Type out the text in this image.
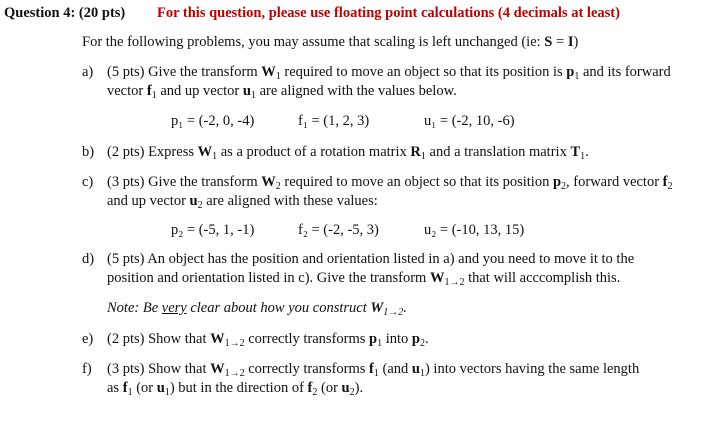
Question 4: (20 pts) For this question, please use floating point calculations (4 decimals at least)
For the following problems, you may assume that scaling is left unchanged (ie: S = I)
a) (5 pts) Give the transform $W_1$ required to move an object so that its position is $p_1$ and its forward
vector $f_1$ and up vector $u_1$ are aligned with the values below.
p₁ = (-2, 0, -4)	f₁ = (1, 2, 3)	u₁ = (-2, 10, -6)
b) (2 pts) Express $W_1$ as a product of a rotation matrix $R_1$ and a translation matrix $T_1$.
c) (3 pts) Give the transform $W_2$ required to move an object so that its position $p_2$, forward vector $f_2$
and up vector $u_2$ are aligned with these values:
p₂ = (-5, 1, -1)	f₂ = (-2, -5, 3)	u₂ = (-10, 13, 15)
d) (5 pts) An object has the position and orientation listed in a) and you need to move it to the
position and orientation listed in c). Give the transform $W_{1\to 2}$ that will acccomplish this.
Note: Be very clear about how you construct $W_{1\to 2}$.
e) (2 pts) Show that $W_{1\to 2}$ correctly transforms $p_1$ into $p_2$.
f) (3 pts) Show that $W_{1\to 2}$ correctly transforms $f_1$ (and $u_1$) into vectors having the same length
as $f_1$ (or $u_1$) but in the direction of $f_2$ (or $u_2$).
